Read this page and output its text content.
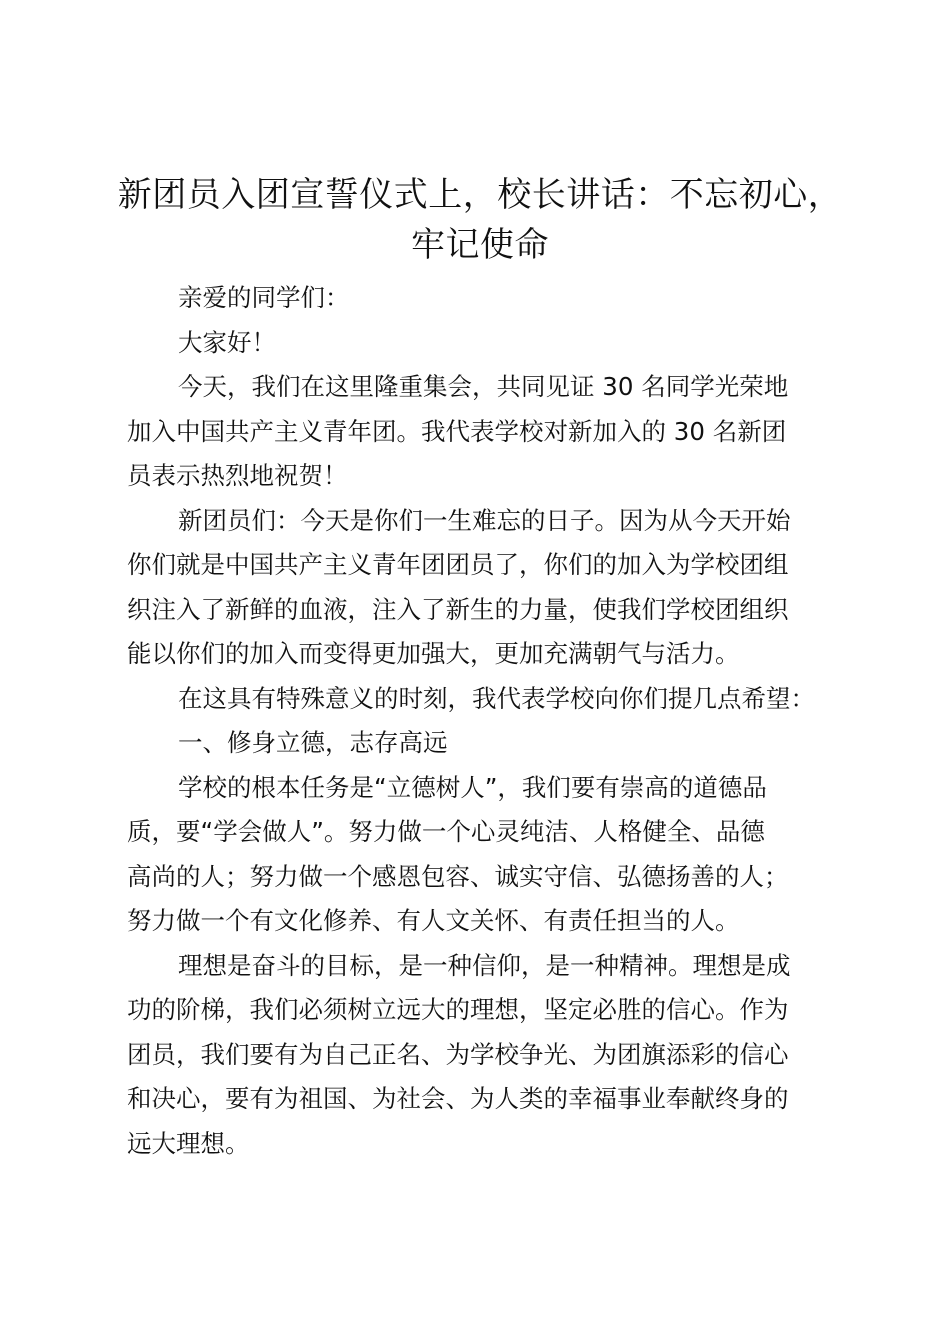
新团员入团宣誓仪式上，校长讲话：不忘初心，
牢记使命

亲爱的同学们：

大家好！

今天，我们在这里隆重集会，共同见证 30 名同学光荣地
加入中国共产主义青年团。我代表学校对新加入的 30 名新团
员表示热烈地祝贺！

新团员们：今天是你们一生难忘的日子。因为从今天开始
你们就是中国共产主义青年团团员了，你们的加入为学校团组
织注入了新鲜的血液，注入了新生的力量，使我们学校团组织
能以你们的加入而变得更加强大，更加充满朝气与活力。

在这具有特殊意义的时刻，我代表学校向你们提几点希望：

一、修身立德，志存高远

学校的根本任务是“立德树人”，我们要有崇高的道德品
质，要“学会做人”。努力做一个心灵纯洁、人格健全、品德
高尚的人；努力做一个感恩包容、诚实守信、弘德扬善的人；
努力做一个有文化修养、有人文关怀、有责任担当的人。

理想是奋斗的目标，是一种信仰，是一种精神。理想是成
功的阶梯，我们必须树立远大的理想，坚定必胜的信心。作为
团员，我们要有为自己正名、为学校争光、为团旗添彩的信心
和决心，要有为祖国、为社会、为人类的幸福事业奉献终身的
远大理想。
